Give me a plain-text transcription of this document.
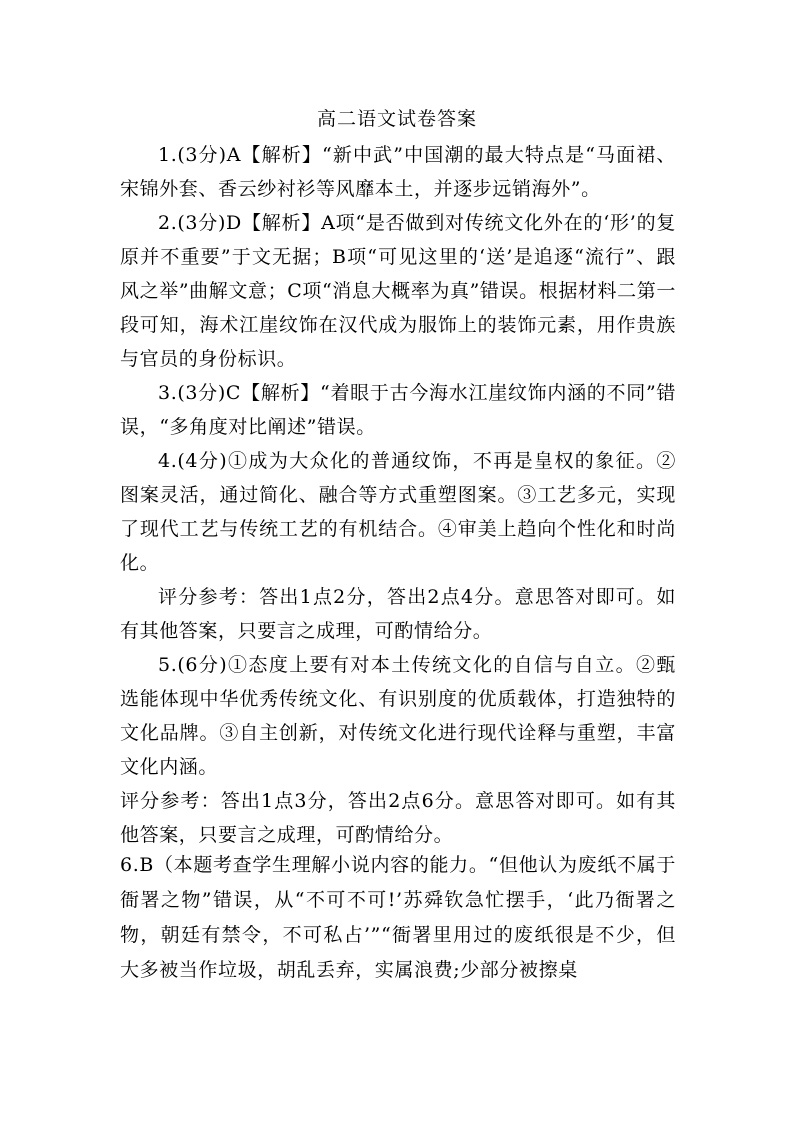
高二语文试卷答案

1.(3分)A【解析】“新中武”中国潮的最大特点是“马面裙、宋锦外套、香云纱衬衫等风靡本土，并逐步远销海外”。

2.(3分)D【解析】A项“是否做到对传统文化外在的‘形’的复原并不重要”于文无据；B项“可见这里的‘送’是追逐“流行”、跟风之举”曲解文意；C项“消息大概率为真”错误。根据材料二第一段可知，海术江崖纹饰在汉代成为服饰上的装饰元素，用作贵族与官员的身份标识。

3.(3分)C【解析】“着眼于古今海水江崖纹饰内涵的不同”错误，“多角度对比阐述”错误。

4.(4分)①成为大众化的普通纹饰，不再是皇权的象征。②图案灵活，通过简化、融合等方式重塑图案。③工艺多元，实现了现代工艺与传统工艺的有机结合。④审美上趋向个性化和时尚化。

评分参考：答出1点2分，答出2点4分。意思答对即可。如有其他答案，只要言之成理，可酌情给分。

5.(6分)①态度上要有对本土传统文化的自信与自立。②甄选能体现中华优秀传统文化、有识别度的优质载体，打造独特的文化品牌。③自主创新，对传统文化进行现代诠释与重塑，丰富文化内涵。

评分参考：答出1点3分，答出2点6分。意思答对即可。如有其他答案，只要言之成理，可酌情给分。

6.B（本题考查学生理解小说内容的能力。“但他认为废纸不属于衙署之物”错误，从“不可不可!’苏舜钦急忙摆手，‘此乃衙署之物，朝廷有禁令，不可私占’”“衙署里用过的废纸很是不少，但大多被当作垃圾，胡乱丢弃，实属浪费;少部分被擦桌
